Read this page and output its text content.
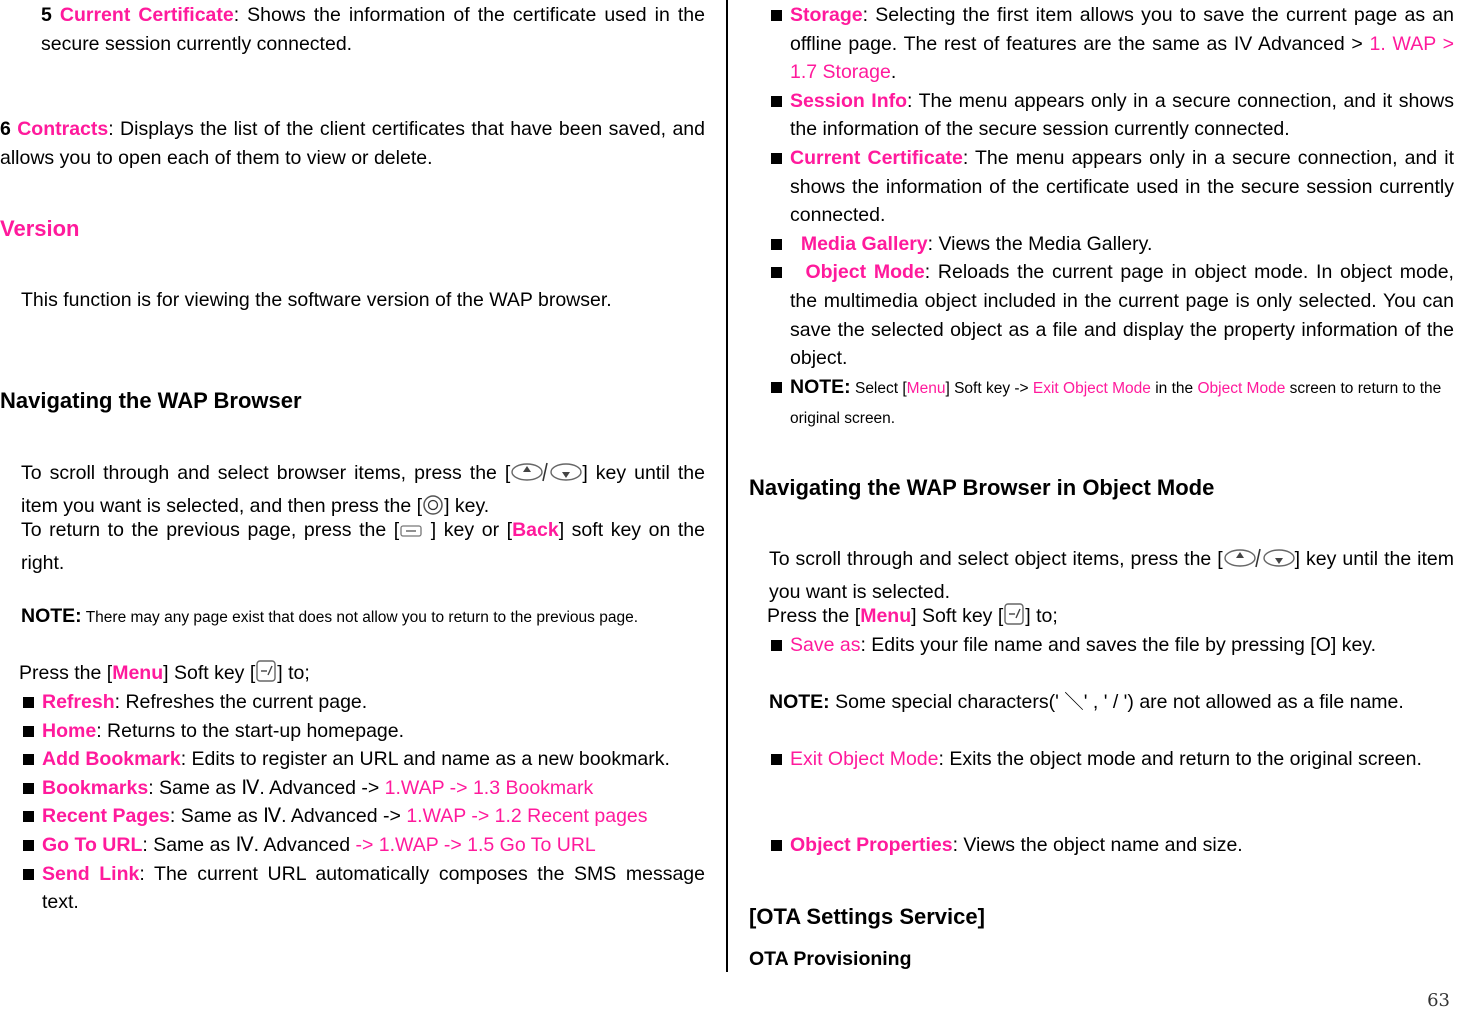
5 Current Certificate: Shows the information of the certificate used in the secure session currently connected.
6 Contracts: Displays the list of the client certificates that have been saved, and allows you to open each of them to view or delete.
Version
This function is for viewing the software version of the WAP browser.
Navigating the WAP Browser
To scroll through and select browser items, press the [	] key until the item you want is selected, and then press the [ ] key.
To return to the previous page, press the [ ] key or [Back] soft key on the right.
NOTE: There may any page exist that does not allow you to return to the previous page.
Press the [Menu] Soft key [ ] to;
Refresh: Refreshes the current page.
Home: Returns to the start-up homepage.
Add Bookmark: Edits to register an URL and name as a new bookmark.
Bookmarks: Same as Ⅳ. Advanced -> 1.WAP -> 1.3 Bookmark
Recent Pages: Same as Ⅳ. Advanced -> 1.WAP -> 1.2 Recent pages
Go To URL: Same as Ⅳ. Advanced -> 1.WAP -> 1.5 Go To URL
Send Link: The current URL automatically composes the SMS message text.
Storage: Selecting the first item allows you to save the current page as an offline page. The rest of features are the same as IV Advanced > 1. WAP > 1.7 Storage.
Session Info: The menu appears only in a secure connection, and it shows the information of the secure session currently connected.
Current Certificate: The menu appears only in a secure connection, and it shows the information of the certificate used in the secure session currently connected.
Media Gallery: Views the Media Gallery.
Object Mode: Reloads the current page in object mode. In object mode, the multimedia object included in the current page is only selected. You can save the selected object as a file and display the property information of the object.
NOTE: Select [Menu] Soft key -> Exit Object Mode in the Object Mode screen to return to the original screen.
Navigating the WAP Browser in Object Mode
To scroll through and select object items, press the [	] key until the item you want is selected.
Press the [Menu] Soft key [ ] to;
Save as: Edits your file name and saves the file by pressing [O] key.
NOTE: Some special characters(' ＼' , ' / ') are not allowed as a file name.
Exit Object Mode: Exits the object mode and return to the original screen.
Object Properties: Views the object name and size.
[OTA Settings Service]
OTA Provisioning
63
